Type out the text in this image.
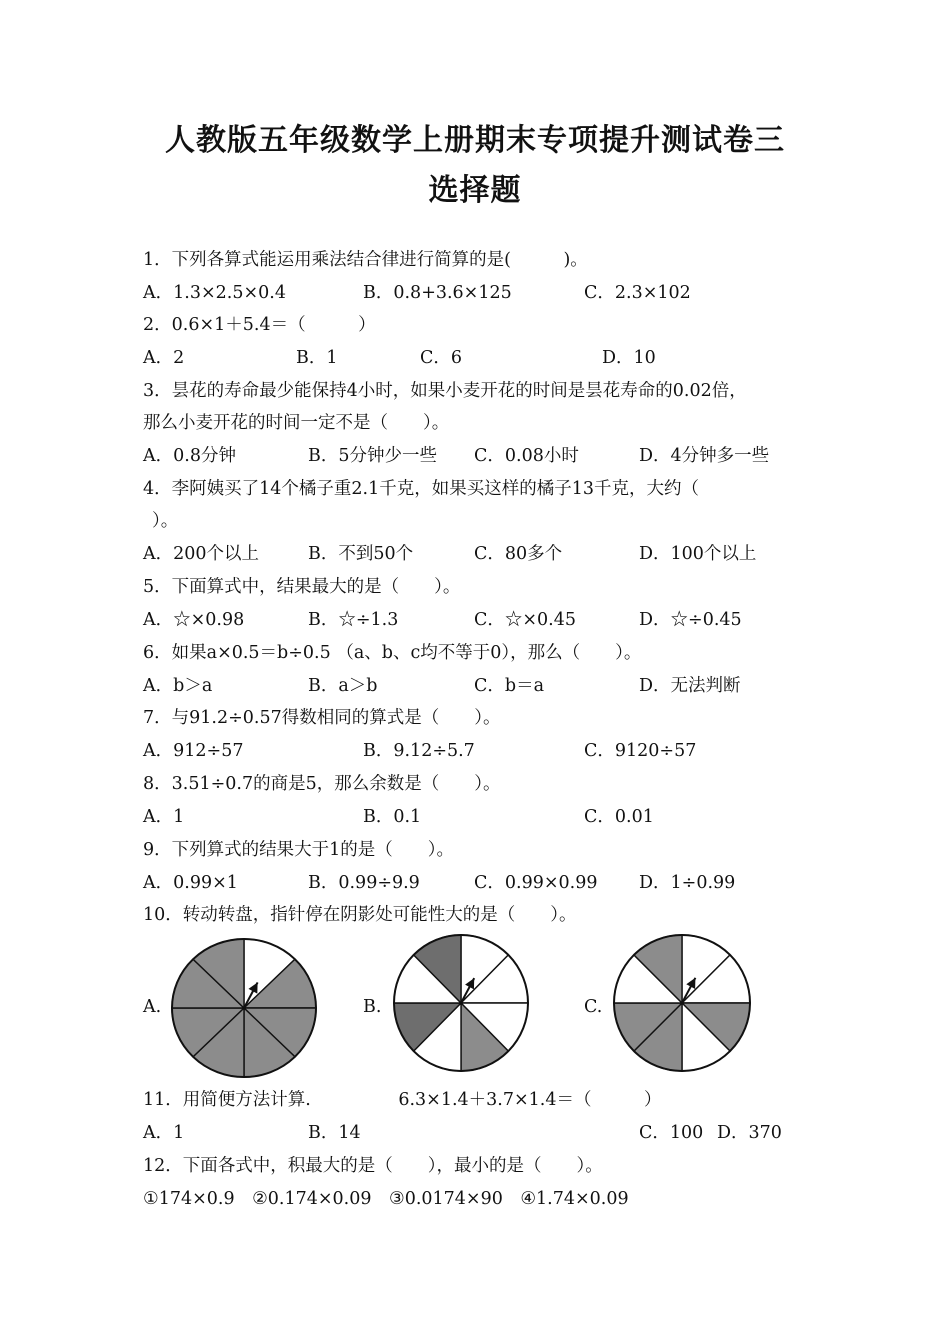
人教版五年级数学上册期末专项提升测试卷三
选择题
1．下列各算式能运用乘法结合律进行简算的是(　　　)。
A．1.3×2.5×0.4	B．0.8+3.6×125	C．2.3×102
2．0.6×1＋5.4＝（　　　）
A．2	B．1	C．6	D．10
3．昙花的寿命最少能保持4小时，如果小麦开花的时间是昙花寿命的0.02倍，
那么小麦开花的时间一定不是（　　）。
A．0.8分钟	B．5分钟少一些 C．0.08小时	D．4分钟多一些
4．李阿姨买了14个橘子重2.1千克，如果买这样的橘子13千克，大约（
）。
A．200个以上	B．不到50个	C．80多个	D．100个以上
5．下面算式中，结果最大的是（　　）。
A．☆×0.98	B．☆÷1.3	C．☆×0.45	D．☆÷0.45
6．如果a×0.5＝b÷0.5 （a、b、c均不等于0），那么（　　）。
A．b＞a	B．a＞b	C．b＝a	D．无法判断
7．与91.2÷0.57得数相同的算式是（　　）。
A．912÷57	B．9.12÷5.7	C．9120÷57
8．3.51÷0.7的商是5，那么余数是（　　）。
A．1	B．0.1	C．0.01
9．下列算式的结果大于1的是（　　）。
A．0.99×1	B．0.99÷9.9	C．0.99×0.99 D．1÷0.99
10．转动转盘，指针停在阴影处可能性大的是（　　）。
A.	B.	C.
11．用简便方法计算.　　　　　6.3×1.4＋3.7×1.4＝（　　　）
A．1	B．14	C．100 D．370
12．下面各式中，积最大的是（　　），最小的是（　　）。
①174×0.9　②0.174×0.09　③0.0174×90　④1.74×0.09
